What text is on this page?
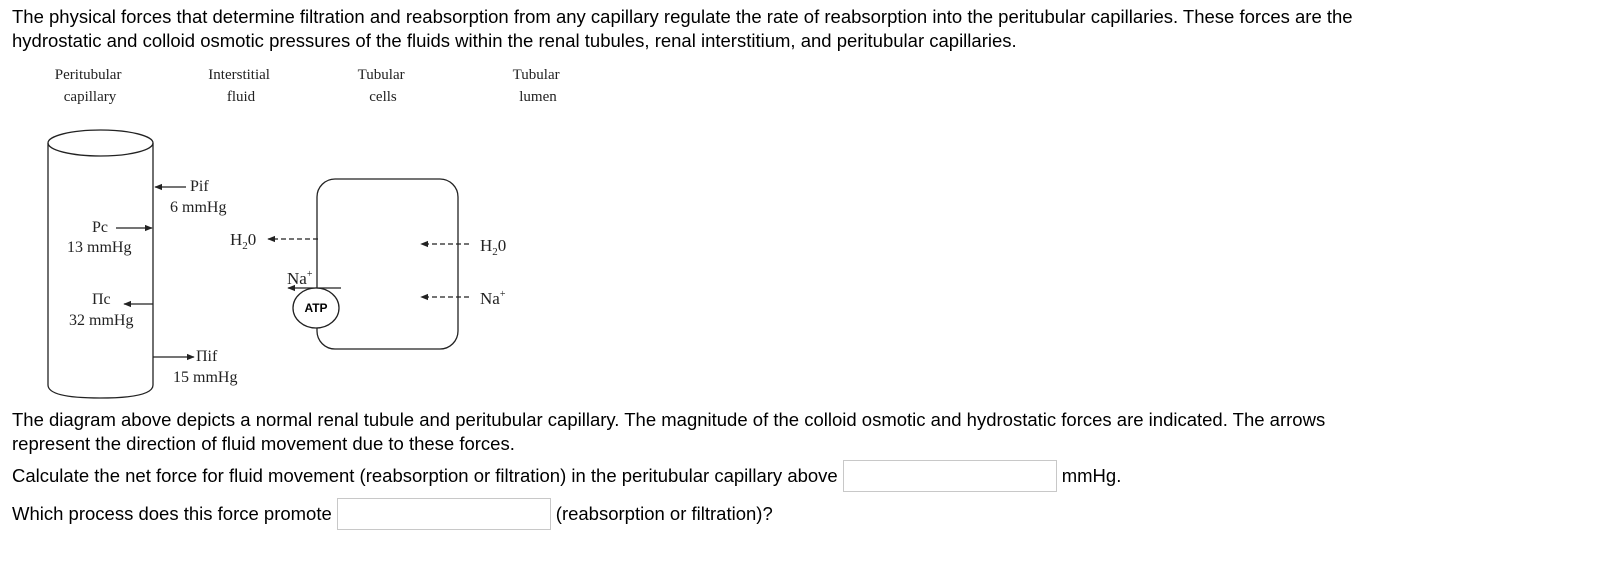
The physical forces that determine filtration and reabsorption from any capillary regulate the rate of reabsorption into the peritubular capillaries. These forces are the
hydrostatic and colloid osmotic pressures of the fluids within the renal tubules, renal interstitium, and peritubular capillaries.

Peritubular capillary
Interstitial fluid
Tubular cells
Tubular lumen
Pif
6 mmHg
Pc
13 mmHg
Πc
32 mmHg
Πif
15 mmHg
$H_20$	$H_20$
Na+
Na+
ATP

The diagram above depicts a normal renal tubule and peritubular capillary. The magnitude of the colloid osmotic and hydrostatic forces are indicated. The arrows
represent the direction of fluid movement due to these forces.

Calculate the net force for fluid movement (reabsorption or filtration) in the peritubular capillary above	mmHg.
Which process does this force promote	(reabsorption or filtration)?
